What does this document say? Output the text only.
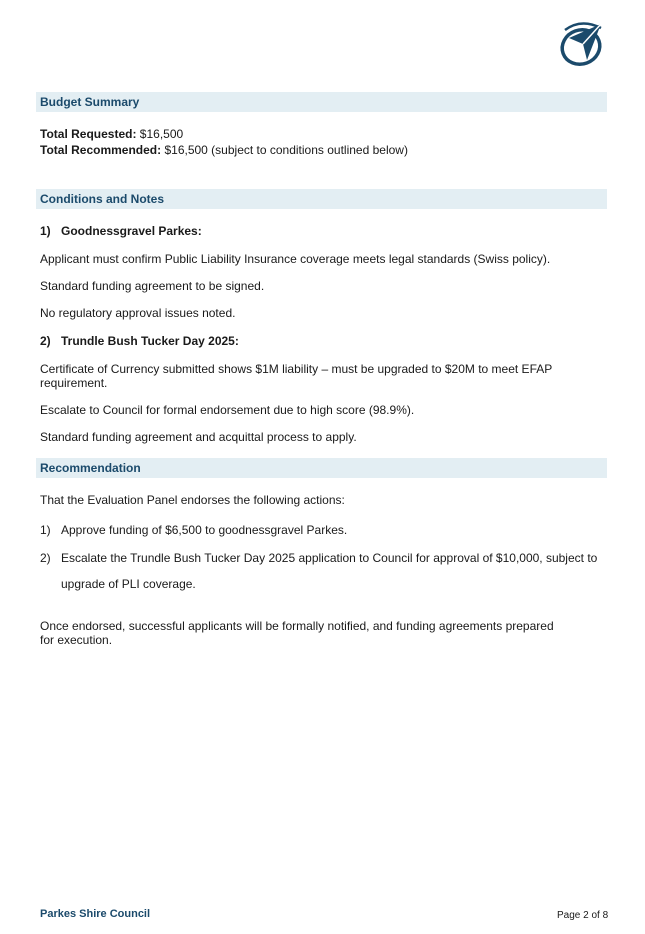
Budget Summary

Total Requested: $16,500

Total Recommended: $16,500 (subject to conditions outlined below)

Conditions and Notes

1) Goodnessgravel Parkes:

Applicant must confirm Public Liability Insurance coverage meets legal standards (Swiss policy).

Standard funding agreement to be signed.

No regulatory approval issues noted.

2) Trundle Bush Tucker Day 2025:

Certificate of Currency submitted shows $1M liability – must be upgraded to $20M to meet EFAP requirement.

Escalate to Council for formal endorsement due to high score (98.9%).

Standard funding agreement and acquittal process to apply.

Recommendation

That the Evaluation Panel endorses the following actions:

1) Approve funding of $6,500 to goodnessgravel Parkes.

2) Escalate the Trundle Bush Tucker Day 2025 application to Council for approval of $10,000, subject to

upgrade of PLI coverage.

Once endorsed, successful applicants will be formally notified, and funding agreements prepared for execution.

Parkes Shire Council	Page 2 of 8
